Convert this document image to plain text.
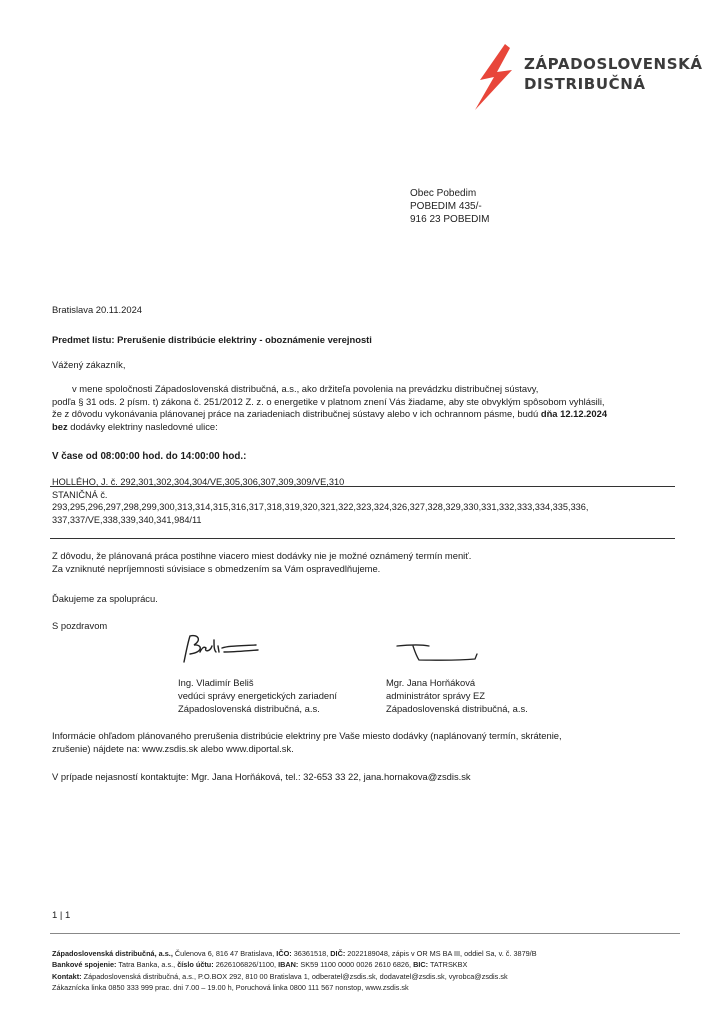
ZÁPADOSLOVENSKÁ
DISTRIBUČNÁ
Obec Pobedim
POBEDIM 435/-
916 23 POBEDIM
Bratislava 20.11.2024
Predmet listu: Prerušenie distribúcie elektriny - oboznámenie verejnosti
Vážený zákazník,
v mene spoločnosti Západoslovenská distribučná, a.s., ako držiteľa povolenia na prevádzku distribučnej sústavy,
podľa § 31 ods. 2 písm. t) zákona č. 251/2012 Z. z. o energetike v platnom znení Vás žiadame, aby ste obvyklým spôsobom vyhlásili,
že z dôvodu vykonávania plánovanej práce na zariadeniach distribučnej sústavy alebo v ich ochrannom pásme, budú dňa 12.12.2024
bez dodávky elektriny nasledovné ulice:
V čase od 08:00:00 hod. do 14:00:00 hod.:
HOLLÉHO, J. č. 292,301,302,304,304/VE,305,306,307,309,309/VE,310
STANIČNÁ č.
293,295,296,297,298,299,300,313,314,315,316,317,318,319,320,321,322,323,324,326,327,328,329,330,331,332,333,334,335,336,
337,337/VE,338,339,340,341,984/11
Z dôvodu, že plánovaná práca postihne viacero miest dodávky nie je možné oznámený termín meniť.
Za vzniknuté nepríjemnosti súvisiace s obmedzením sa Vám ospravedlňujeme.
Ďakujeme za spoluprácu.
S pozdravom
Ing. Vladimír Beliš
vedúci správy energetických zariadení
Západoslovenská distribučná, a.s.
Mgr. Jana Horňáková
administrátor správy EZ
Západoslovenská distribučná, a.s.
Informácie ohľadom plánovaného prerušenia distribúcie elektriny pre Vaše miesto dodávky (naplánovaný termín, skrátenie,
zrušenie) nájdete na: www.zsdis.sk alebo www.diportal.sk.
V prípade nejasností kontaktujte: Mgr. Jana Horňáková, tel.: 32-653 33 22, jana.hornakova@zsdis.sk
1 | 1
Západoslovenská distribučná, a.s., Čulenova 6, 816 47 Bratislava, IČO: 36361518, DIČ: 2022189048, zápis v OR MS BA III, oddiel Sa, v. č. 3879/B
Bankové spojenie: Tatra Banka, a.s., číslo účtu: 2626106826/1100, IBAN: SK59 1100 0000 0026 2610 6826, BIC: TATRSKBX
Kontakt: Západoslovenská distribučná, a.s., P.O.BOX 292, 810 00 Bratislava 1, odberatel@zsdis.sk, dodavatel@zsdis.sk, vyrobca@zsdis.sk
Zákaznícka linka 0850 333 999 prac. dni 7.00 – 19.00 h, Poruchová linka 0800 111 567 nonstop, www.zsdis.sk
